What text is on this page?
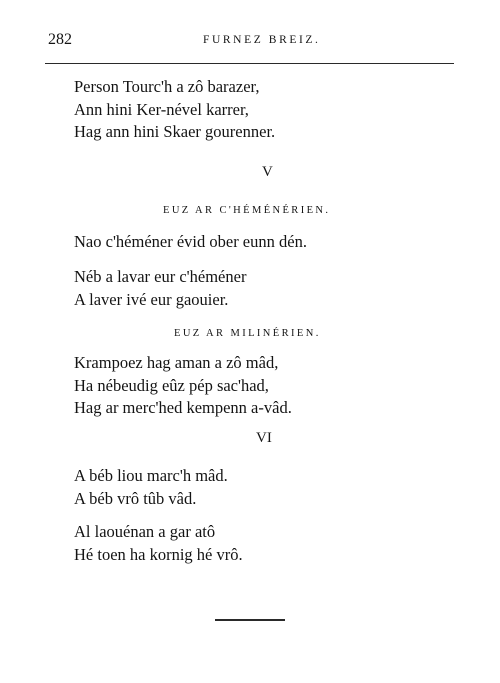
282	FURNEZ BREIZ.
Person Tourc'h a zô barazer,
Ann hini Ker-nével karrer,
Hag ann hini Skaer gourenner.
V
EUZ AR C'HÉMÉNÉRIEN.
Nao c'héméner évid ober eunn dén.
Néb a lavar eur c'héméner
A laver ivé eur gaouier.
EUZ AR MILINÉRIEN.
Krampoez hag aman a zô mâd,
Ha nébeudig eûz pép sac'had,
Hag ar merc'hed kempenn a-vâd.
VI
A béb liou marc'h mâd.
A béb vrô tûb vâd.
Al laouénan a gar atô
Hé toen ha kornig hé vrô.
